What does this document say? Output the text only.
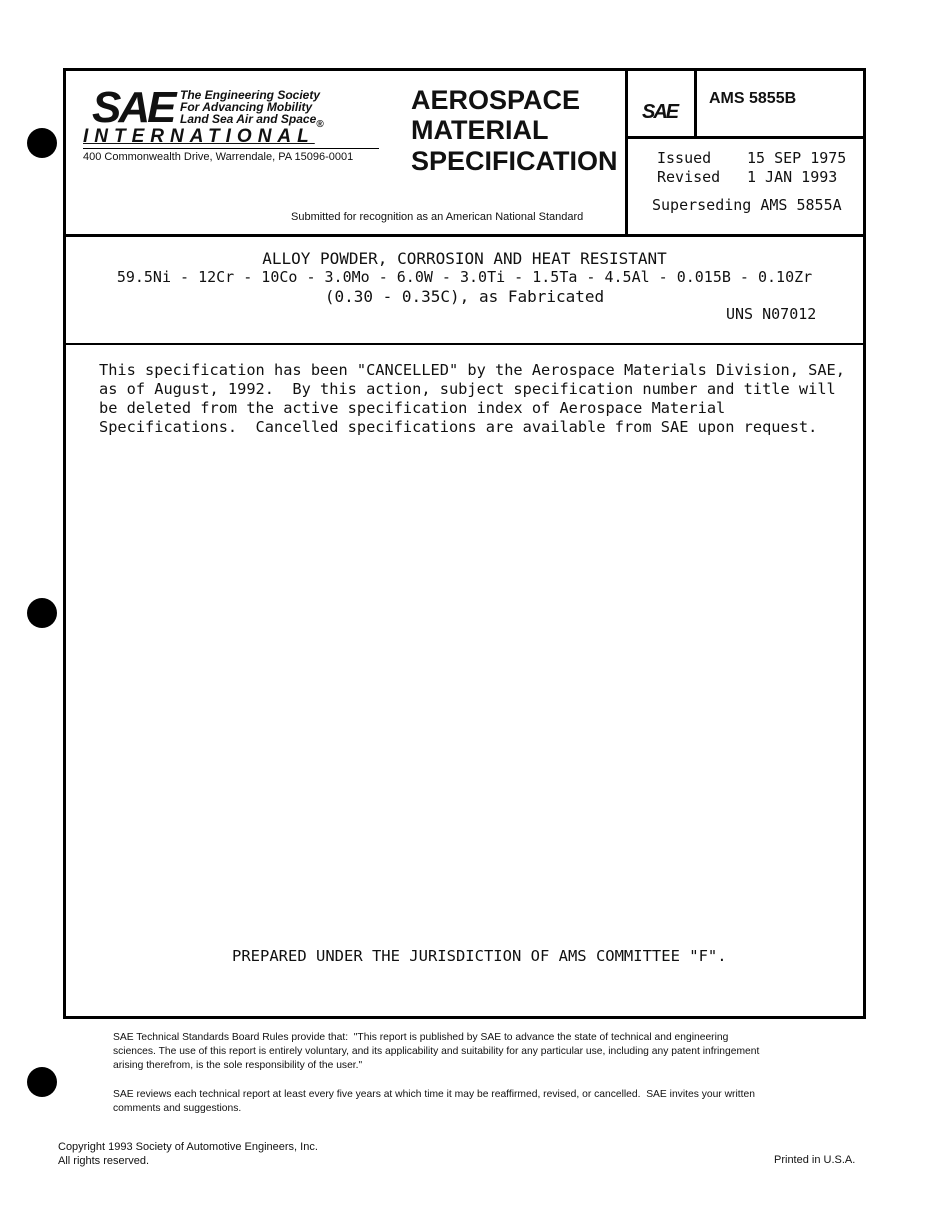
SAE The Engineering Society
For Advancing Mobility
Land Sea Air and Space$_®$
INTERNATIONAL
400 Commonwealth Drive, Warrendale, PA 15096-0001
AEROSPACE
MATERIAL
SPECIFICATION
Submitted for recognition as an American National Standard
SAE
AMS 5855B
Issued 15 SEP 1975
Revised 1 JAN 1993
Superseding AMS 5855A
ALLOY POWDER, CORROSION AND HEAT RESISTANT
59.5Ni - 12Cr - 10Co - 3.0Mo - 6.0W - 3.0Ti - 1.5Ta - 4.5Al - 0.015B - 0.10Zr
(0.30 - 0.35C), as Fabricated
UNS N07012
This specification has been "CANCELLED" by the Aerospace Materials Division, SAE,
as of August, 1992.  By this action, subject specification number and title will
be deleted from the active specification index of Aerospace Material
Specifications.  Cancelled specifications are available from SAE upon request.
PREPARED UNDER THE JURISDICTION OF AMS COMMITTEE "F".
SAE Technical Standards Board Rules provide that:  "This report is published by SAE to advance the state of technical and engineering
sciences. The use of this report is entirely voluntary, and its applicability and suitability for any particular use, including any patent infringement
arising therefrom, is the sole responsibility of the user."
SAE reviews each technical report at least every five years at which time it may be reaffirmed, revised, or cancelled.  SAE invites your written
comments and suggestions.
Copyright 1993 Society of Automotive Engineers, Inc.
All rights reserved.	Printed in U.S.A.
